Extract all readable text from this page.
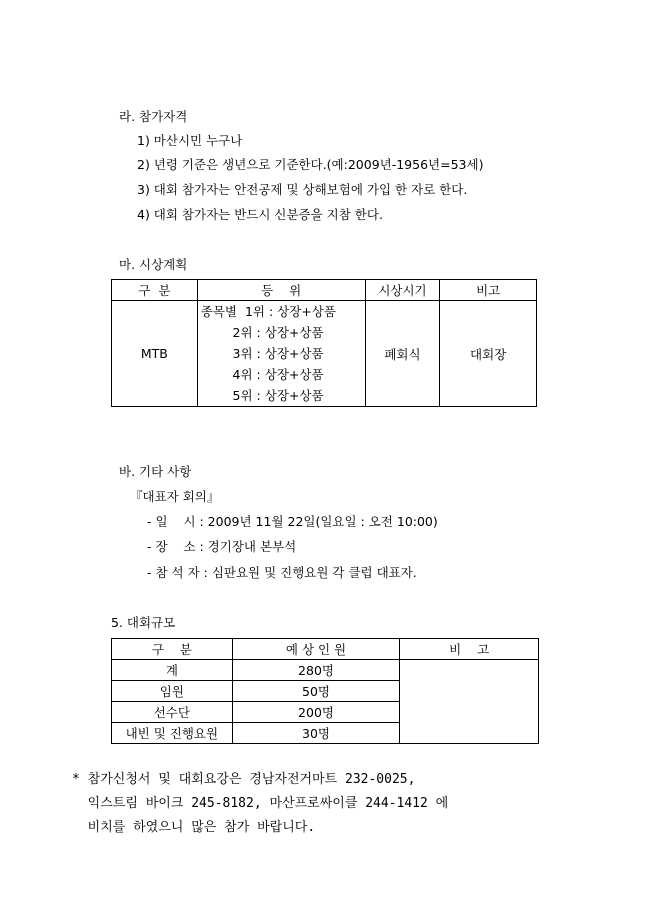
라. 참가자격
1) 마산시민 누구나
2) 년령 기준은 생년으로 기준한다.(예:2009년-1956년=53세)
3) 대회 참가자는 안전공제 및 상해보험에 가입 한 자로 한다.
4) 대회 참가자는 반드시 신분증을 지참 한다.
마. 시상계획
구  분	등    위	시상시기	비고
MTB	종목별  1위 : 상장+상품
2위 : 상장+상품
3위 : 상장+상품
4위 : 상장+상품
5위 : 상장+상품	폐회식	대회장
바. 기타 사항
『대표자 회의』
- 일    시 : 2009년 11월 22일(일요일 : 오전 10:00)
- 장    소 : 경기장내 본부석
- 참 석 자 : 심판요원 및 진행요원 각 클럽 대표자.
5. 대회규모
구    분	예 상 인 원	비    고
계	280명	
임원	50명	
선수단	200명	
내빈 및 진행요원	30명	
* 참가신청서 및 대회요강은 경남자전거마트 232-0025,
익스트림 바이크 245-8182, 마산프로싸이클 244-1412 에
비치를 하였으니 많은 참가 바랍니다.
